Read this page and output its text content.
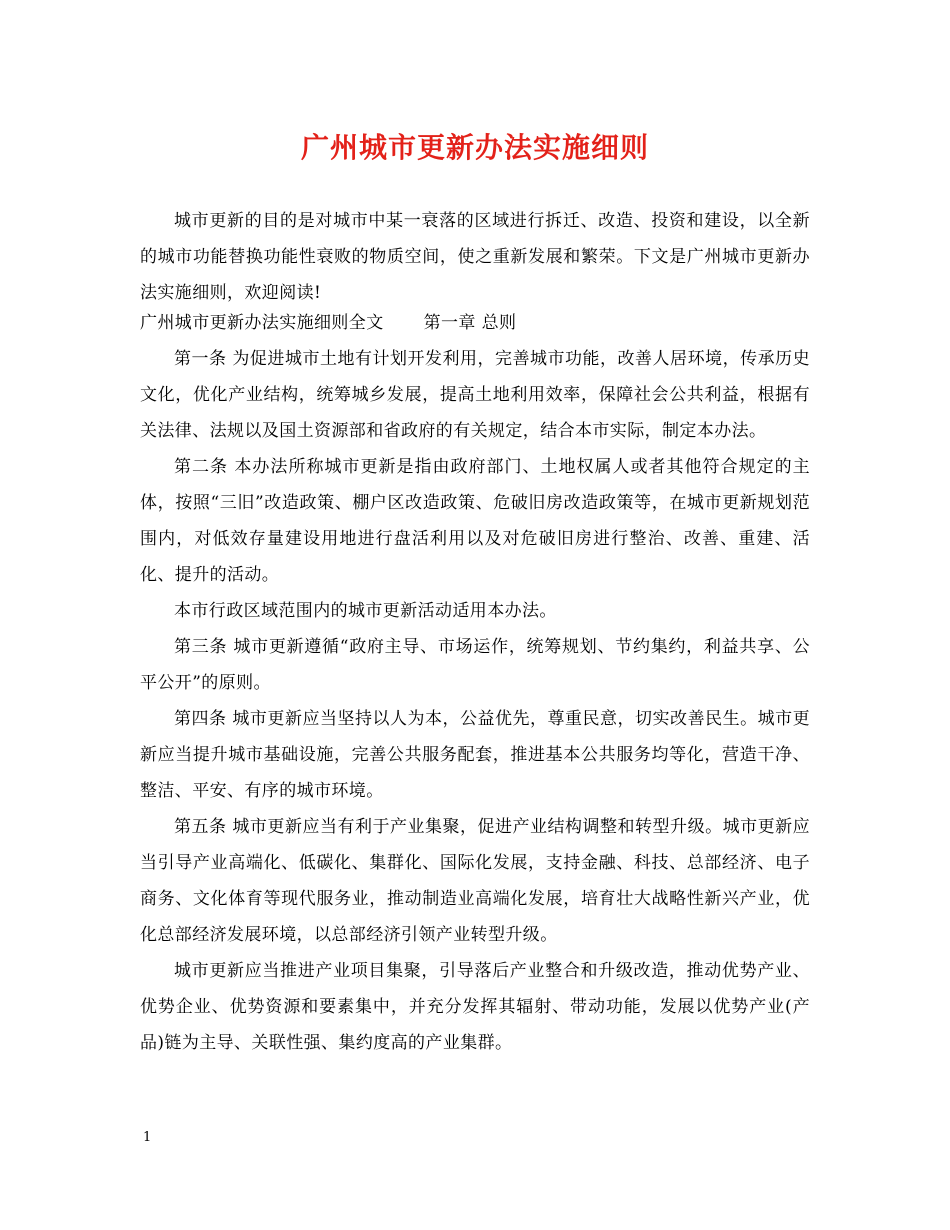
广州城市更新办法实施细则

城市更新的目的是对城市中某一衰落的区域进行拆迁、改造、投资和建设，以全新的城市功能替换功能性衰败的物质空间，使之重新发展和繁荣。下文是广州城市更新办法实施细则，欢迎阅读!

广州城市更新办法实施细则全文 第一章 总则

第一条 为促进城市土地有计划开发利用，完善城市功能，改善人居环境，传承历史文化，优化产业结构，统筹城乡发展，提高土地利用效率，保障社会公共利益，根据有关法律、法规以及国土资源部和省政府的有关规定，结合本市实际，制定本办法。

第二条 本办法所称城市更新是指由政府部门、土地权属人或者其他符合规定的主体，按照“三旧”改造政策、棚户区改造政策、危破旧房改造政策等，在城市更新规划范围内，对低效存量建设用地进行盘活利用以及对危破旧房进行整治、改善、重建、活化、提升的活动。

本市行政区域范围内的城市更新活动适用本办法。

第三条 城市更新遵循“政府主导、市场运作，统筹规划、节约集约，利益共享、公平公开”的原则。

第四条 城市更新应当坚持以人为本，公益优先，尊重民意，切实改善民生。城市更新应当提升城市基础设施，完善公共服务配套，推进基本公共服务均等化，营造干净、整洁、平安、有序的城市环境。

第五条 城市更新应当有利于产业集聚，促进产业结构调整和转型升级。城市更新应当引导产业高端化、低碳化、集群化、国际化发展，支持金融、科技、总部经济、电子商务、文化体育等现代服务业，推动制造业高端化发展，培育壮大战略性新兴产业，优化总部经济发展环境，以总部经济引领产业转型升级。

城市更新应当推进产业项目集聚，引导落后产业整合和升级改造，推动优势产业、优势企业、优势资源和要素集中，并充分发挥其辐射、带动功能，发展以优势产业(产品)链为主导、关联性强、集约度高的产业集群。

1
